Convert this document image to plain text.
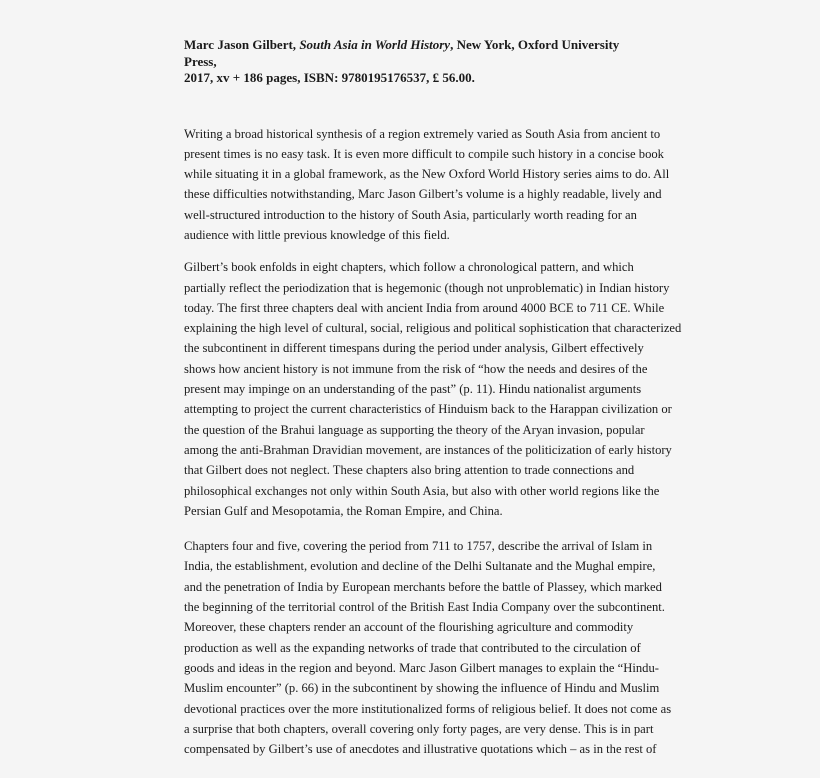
Marc Jason Gilbert, South Asia in World History, New York, Oxford University Press,
2017, xv + 186 pages, ISBN: 9780195176537, £ 56.00.

Writing a broad historical synthesis of a region extremely varied as South Asia from ancient to
present times is no easy task. It is even more difficult to compile such history in a concise book
while situating it in a global framework, as the New Oxford World History series aims to do. All
these difficulties notwithstanding, Marc Jason Gilbert’s volume is a highly readable, lively and
well-structured introduction to the history of South Asia, particularly worth reading for an
audience with little previous knowledge of this field.

Gilbert’s book enfolds in eight chapters, which follow a chronological pattern, and which
partially reflect the periodization that is hegemonic (though not unproblematic) in Indian history
today. The first three chapters deal with ancient India from around 4000 BCE to 711 CE. While
explaining the high level of cultural, social, religious and political sophistication that characterized
the subcontinent in different timespans during the period under analysis, Gilbert effectively
shows how ancient history is not immune from the risk of “how the needs and desires of the
present may impinge on an understanding of the past” (p. 11). Hindu nationalist arguments
attempting to project the current characteristics of Hinduism back to the Harappan civilization or
the question of the Brahui language as supporting the theory of the Aryan invasion, popular
among the anti-Brahman Dravidian movement, are instances of the politicization of early history
that Gilbert does not neglect. These chapters also bring attention to trade connections and
philosophical exchanges not only within South Asia, but also with other world regions like the
Persian Gulf and Mesopotamia, the Roman Empire, and China.

Chapters four and five, covering the period from 711 to 1757, describe the arrival of Islam in
India, the establishment, evolution and decline of the Delhi Sultanate and the Mughal empire,
and the penetration of India by European merchants before the battle of Plassey, which marked
the beginning of the territorial control of the British East India Company over the subcontinent.
Moreover, these chapters render an account of the flourishing agriculture and commodity
production as well as the expanding networks of trade that contributed to the circulation of
goods and ideas in the region and beyond. Marc Jason Gilbert manages to explain the “Hindu-
Muslim encounter” (p. 66) in the subcontinent by showing the influence of Hindu and Muslim
devotional practices over the more institutionalized forms of religious belief. It does not come as
a surprise that both chapters, overall covering only forty pages, are very dense. This is in part
compensated by Gilbert’s use of anecdotes and illustrative quotations which – as in the rest of
